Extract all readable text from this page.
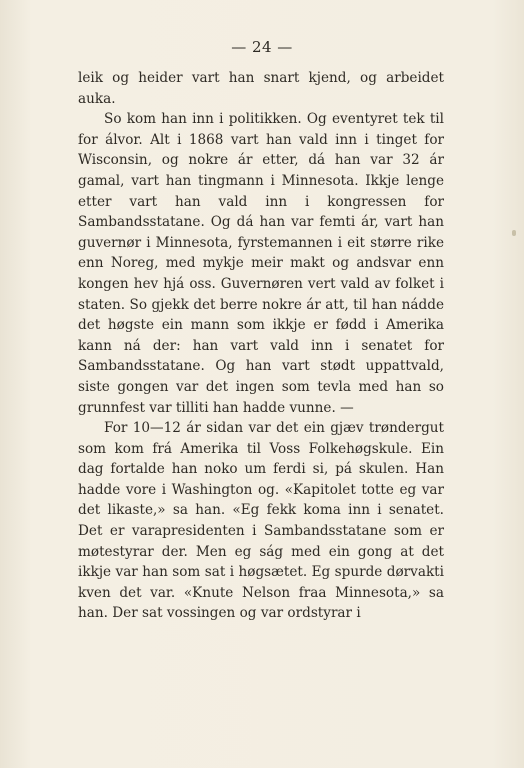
— 24 —

leik og heider vart han snart kjend, og arbeidet auka.

So kom han inn i politikken. Og eventyret tek til for álvor. Alt i 1868 vart han vald inn i tinget for Wisconsin, og nokre ár etter, dá han var 32 ár gamal, vart han tingmann i Minnesota. Ikkje lenge etter vart han vald inn i kongressen for Sambandsstatane. Og dá han var femti ár, vart han guvernør i Minnesota, fyrstemannen i eit større rike enn Noreg, med mykje meir makt og andsvar enn kongen hev hjá oss. Guvernøren vert vald av folket i staten. So gjekk det berre nokre ár att, til han nádde det høgste ein mann som ikkje er fødd i Amerika kann ná der: han vart vald inn i senatet for Sambandsstatane. Og han vart stødt uppattvald, siste gongen var det ingen som tevla med han so grunnfest var tilliti han hadde vunne. —

For 10—12 ár sidan var det ein gjæv trøndergut som kom frá Amerika til Voss Folkehøgskule. Ein dag fortalde han noko um ferdi si, pá skulen. Han hadde vore i Washington og. «Kapitolet totte eg var det likaste,» sa han. «Eg fekk koma inn i senatet. Det er varapresidenten i Sambandsstatane som er møtestyrar der. Men eg ság med ein gong at det ikkje var han som sat i høgsætet. Eg spurde dørvakti kven det var. «Knute Nelson fraa Minnesota,» sa han. Der sat vossingen og var ordstyrar i
